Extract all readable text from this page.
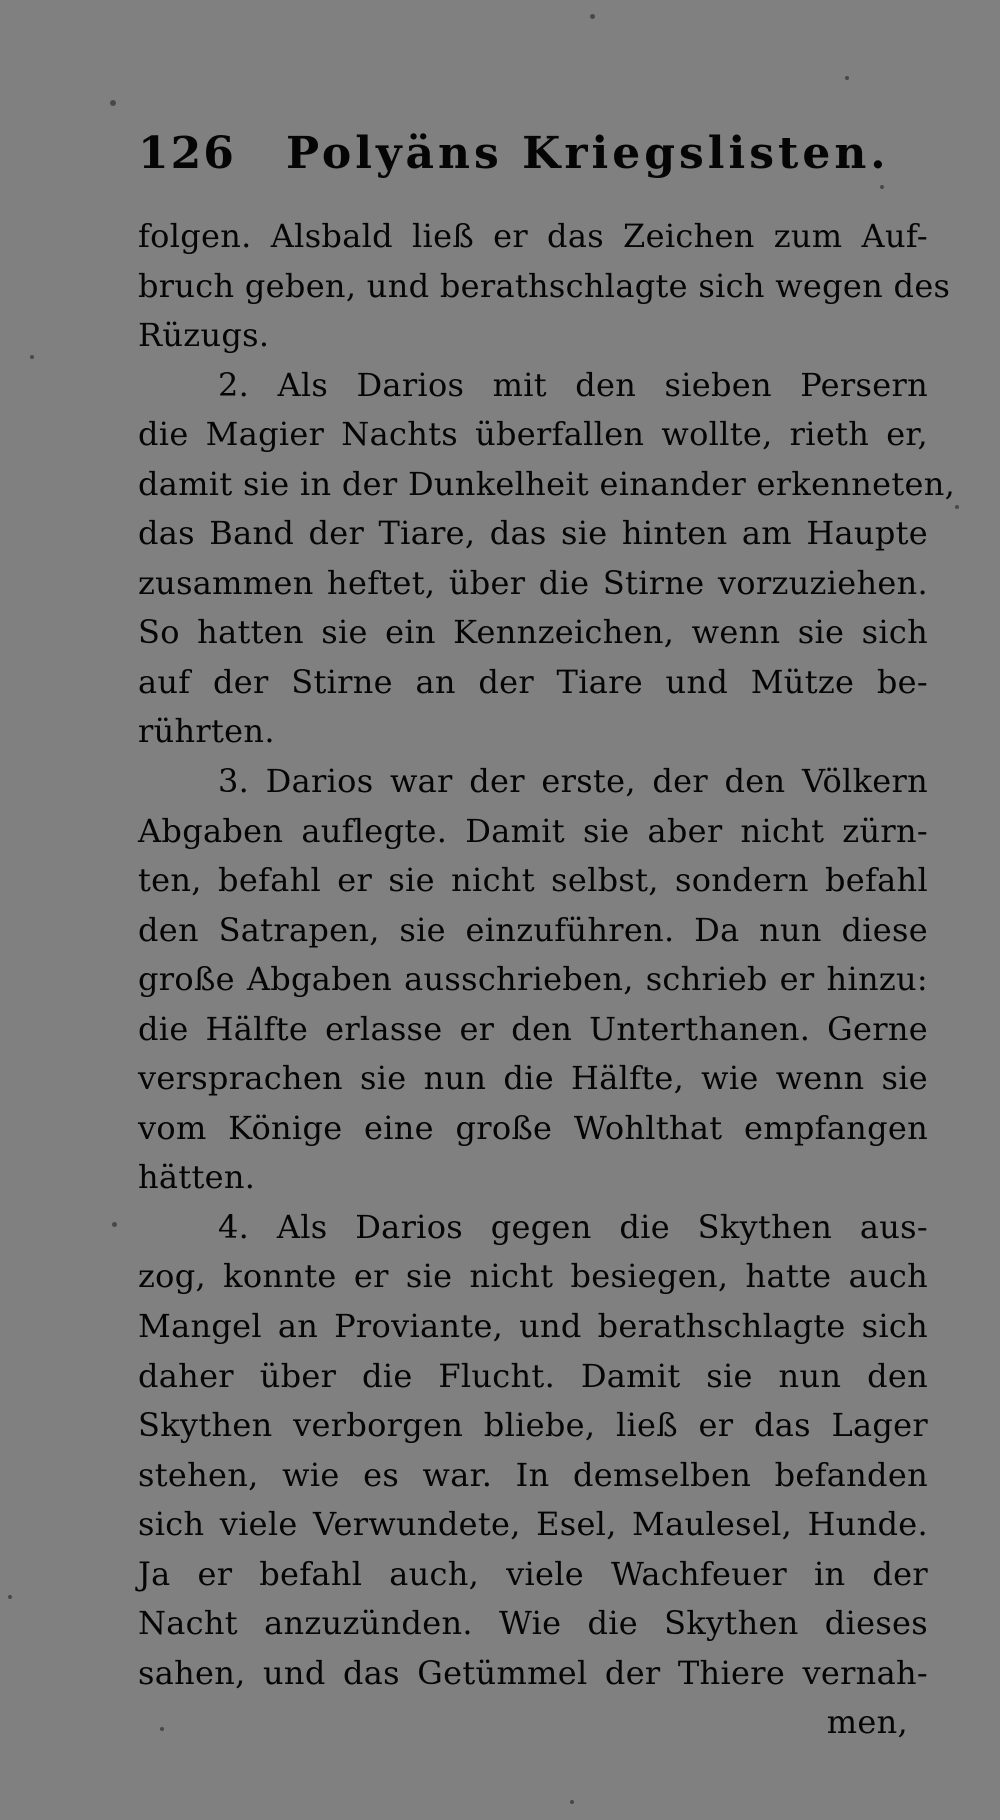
126 Polyäns Kriegslisten.
folgen. Alsbald ließ er das Zeichen zum Auf-
bruch geben, und berathschlagte sich wegen des
Rüzugs.
2. Als Darios mit den sieben Persern
die Magier Nachts überfallen wollte, rieth er,
damit sie in der Dunkelheit einander erkenneten,
das Band der Tiare, das sie hinten am Haupte
zusammen heftet, über die Stirne vorzuziehen.
So hatten sie ein Kennzeichen, wenn sie sich
auf der Stirne an der Tiare und Mütze be-
rührten.
3. Darios war der erste, der den Völkern
Abgaben auflegte. Damit sie aber nicht zürn-
ten, befahl er sie nicht selbst, sondern befahl
den Satrapen, sie einzuführen. Da nun diese
große Abgaben ausschrieben, schrieb er hinzu:
die Hälfte erlasse er den Unterthanen. Gerne
versprachen sie nun die Hälfte, wie wenn sie
vom Könige eine große Wohlthat empfangen
hätten.
4. Als Darios gegen die Skythen aus-
zog, konnte er sie nicht besiegen, hatte auch
Mangel an Proviante, und berathschlagte sich
daher über die Flucht. Damit sie nun den
Skythen verborgen bliebe, ließ er das Lager
stehen, wie es war. In demselben befanden
sich viele Verwundete, Esel, Maulesel, Hunde.
Ja er befahl auch, viele Wachfeuer in der
Nacht anzuzünden. Wie die Skythen dieses
sahen, und das Getümmel der Thiere vernah-
men,
